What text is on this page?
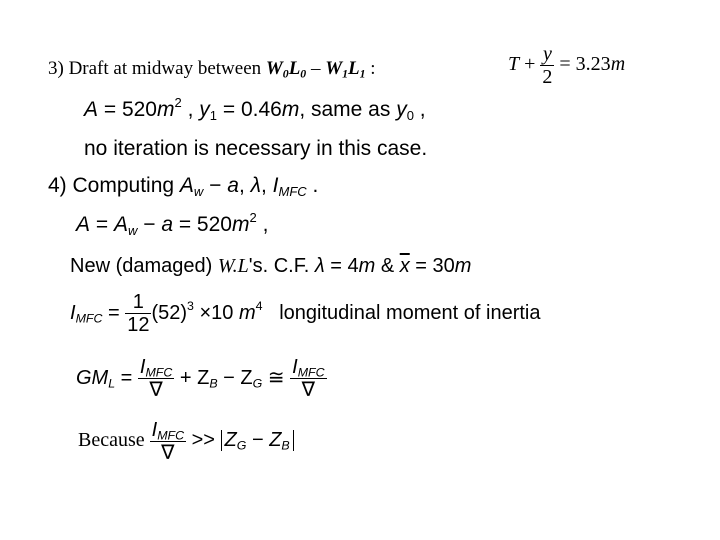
3) Draft at midway between $W_0L_0 - W_1L_1$ :	$T + \frac{y}{2} = 3.23m$
$A = 520m^2$ , $y_1 = 0.46m$, same as $y_0$ ,
no iteration is necessary in this case.
4) Computing $A_w - a$, λ, $I_{MFC}$ .
$A = A_w - a = 520m^2$ ,
New (damaged) W.L's. C.F. λ = 4m & $\overline{x} = 30m$
$I_{MFC} = \frac{1}{12} (52)^3 \times 10$ $m^4$ longitudinal moment of inertia
$GM_L = \frac{I_{MFC}}{\nabla} + Z_B - Z_G$ ≅ $\frac{I_{MFC}}{\nabla}$
Because $\frac{I_{MFC}}{\nabla} >> Z_G - Z_B$
